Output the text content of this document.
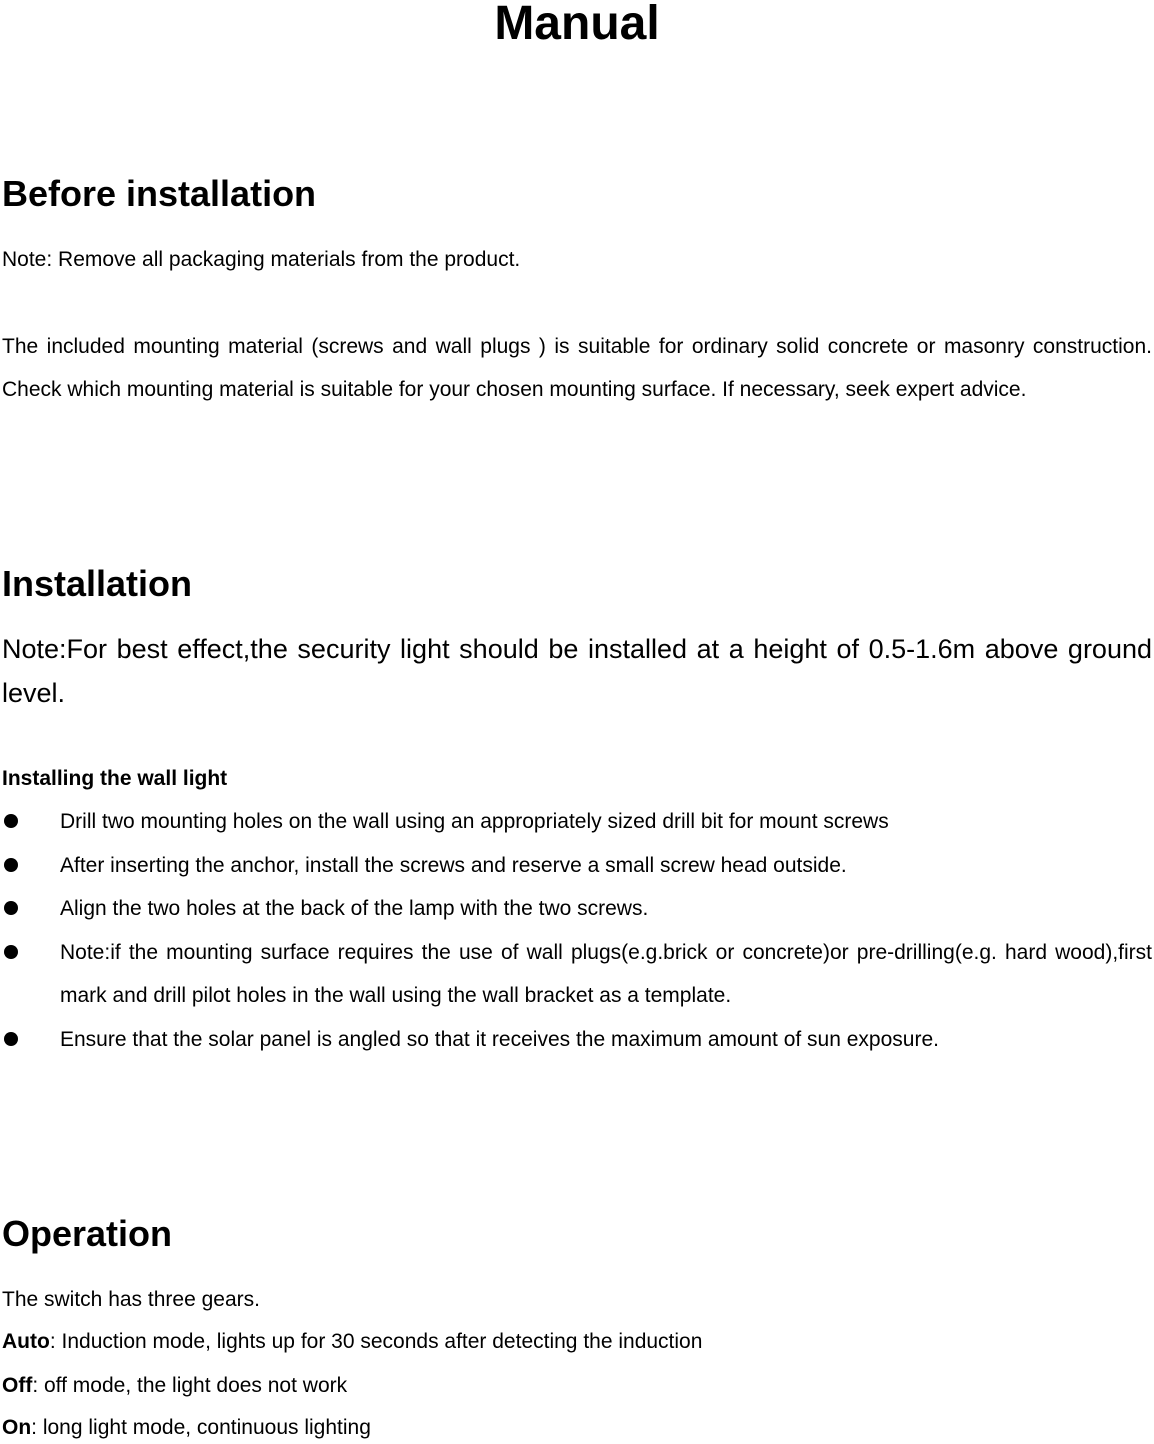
Manual
Before installation

Note: Remove all packaging materials from the product.

The included mounting material (screws and wall plugs ) is suitable for ordinary solid concrete or masonry construction. Check which mounting material is suitable for your chosen mounting surface. If necessary, seek expert advice.

Installation

Note:For best effect,the security light should be installed at a height of 0.5-1.6m above ground level.

Installing the wall light
Drill two mounting holes on the wall using an appropriately sized drill bit for mount screws
After inserting the anchor, install the screws and reserve a small screw head outside.
Align the two holes at the back of the lamp with the two screws.
Note:if the mounting surface requires the use of wall plugs(e.g.brick or concrete)or pre-drilling(e.g. hard wood),first mark and drill pilot holes in the wall using the wall bracket as a template.
Ensure that the solar panel is angled so that it receives the maximum amount of sun exposure.
Operation

The switch has three gears.

Auto: Induction mode, lights up for 30 seconds after detecting the induction

Off: off mode, the light does not work

On: long light mode, continuous lighting
